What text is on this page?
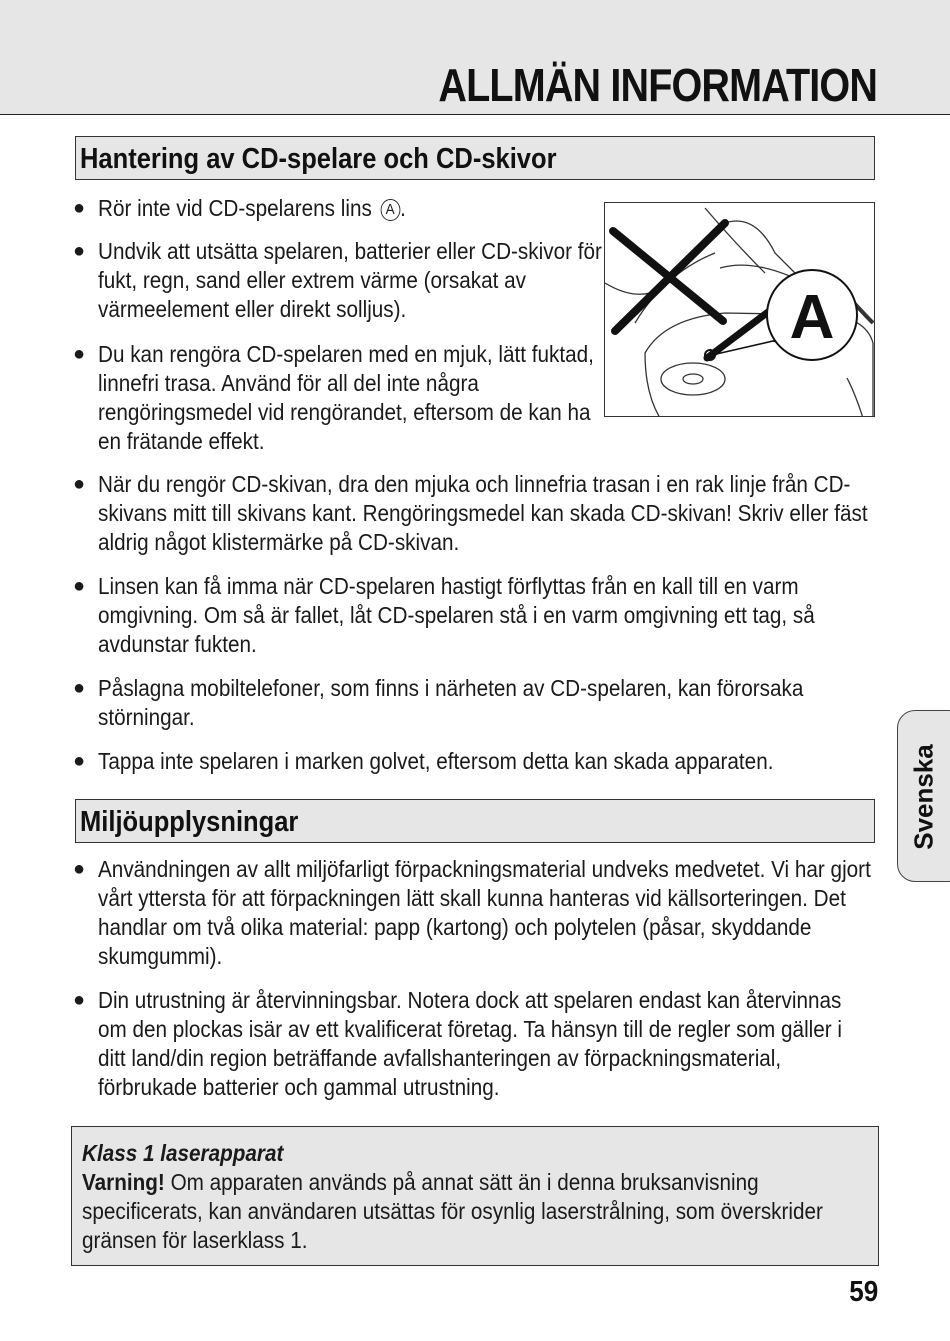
ALLMÄN INFORMATION
Hantering av CD-spelare och CD-skivor
● Rör inte vid CD-spelarens lins A .
● Undvik att utsätta spelaren, batterier eller CD-skivor för fukt, regn, sand eller extrem värme (orsakat av värmeelement eller direkt solljus).
● Du kan rengöra CD-spelaren med en mjuk, lätt fuktad, linnefri trasa. Använd för all del inte några rengöringsmedel vid rengörandet, eftersom de kan ha en frätande effekt.
A
● När du rengör CD-skivan, dra den mjuka och linnefria trasan i en rak linje från CD-skivans mitt till skivans kant. Rengöringsmedel kan skada CD-skivan! Skriv eller fäst aldrig något klistermärke på CD-skivan.
● Linsen kan få imma när CD-spelaren hastigt förflyttas från en kall till en varm omgivning. Om så är fallet, låt CD-spelaren stå i en varm omgivning ett tag, så avdunstar fukten.
● Påslagna mobiltelefoner, som finns i närheten av CD-spelaren, kan förorsaka störningar.
● Tappa inte spelaren i marken golvet, eftersom detta kan skada apparaten.
Miljöupplysningar
● Användningen av allt miljöfarligt förpackningsmaterial undveks medvetet. Vi har gjort vårt yttersta för att förpackningen lätt skall kunna hanteras vid källsorteringen. Det handlar om två olika material: papp (kartong) och polytelen (påsar, skyddande skumgummi).
● Din utrustning är återvinningsbar. Notera dock att spelaren endast kan återvinnas om den plockas isär av ett kvalificerat företag. Ta hänsyn till de regler som gäller i ditt land/din region beträffande avfallshanteringen av förpackningsmaterial, förbrukade batterier och gammal utrustning.
Klass 1 laserapparat
Varning! Om apparaten används på annat sätt än i denna bruksanvisning specificerats, kan användaren utsättas för osynlig laserstrålning, som överskrider gränsen för laserklass 1.
Svenska
59
